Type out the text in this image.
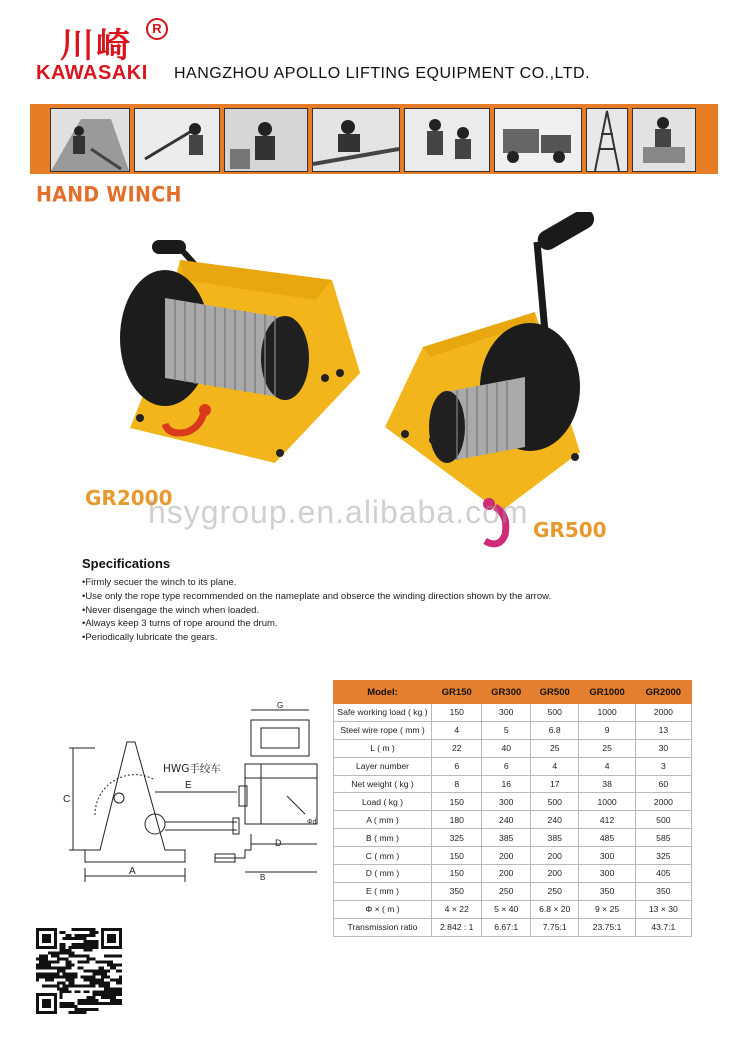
川崎	R
KAWASAKI HANGZHOU APOLLO LIFTING EQUIPMENT CO.,LTD.
HAND WINCH
GR2000
GR500
hsygroup.en.alibaba.com
Specifications
•Firmly secuer the winch to its plane.
•Use only the rope type recommended on the nameplate and obserce the winding direction shown by the arrow.
•Never disengage the winch when loaded.
•Always keep 3 turns of rope around the drum.
•Periodically lubricate the gears.
C
E
A
G
D
B
Φd
HWG手绞车
Model:	GR150	GR300	GR500	GR1000	GR2000
Safe working load ( kg )	150	300	500	1000	2000
Steel wire rope ( mm )	4	5	6.8	9	13
L ( m )	22	40	25	25	30
Layer number	6	6	4	4	3
Net weight ( kg )	8	16	17	38	60
Load ( kg )	150	300	500	1000	2000
A ( mm )	180	240	240	412	500
B ( mm )	325	385	385	485	585
C ( mm )	150	200	200	300	325
D ( mm )	150	200	200	300	405
E ( mm )	350	250	250	350	350
Φ × ( m )	4 × 22	5 × 40	6.8 × 20	9 × 25	13 × 30
Transmission ratio	2.842 : 1	6.67:1	7.75:1	23.75:1	43.7:1
